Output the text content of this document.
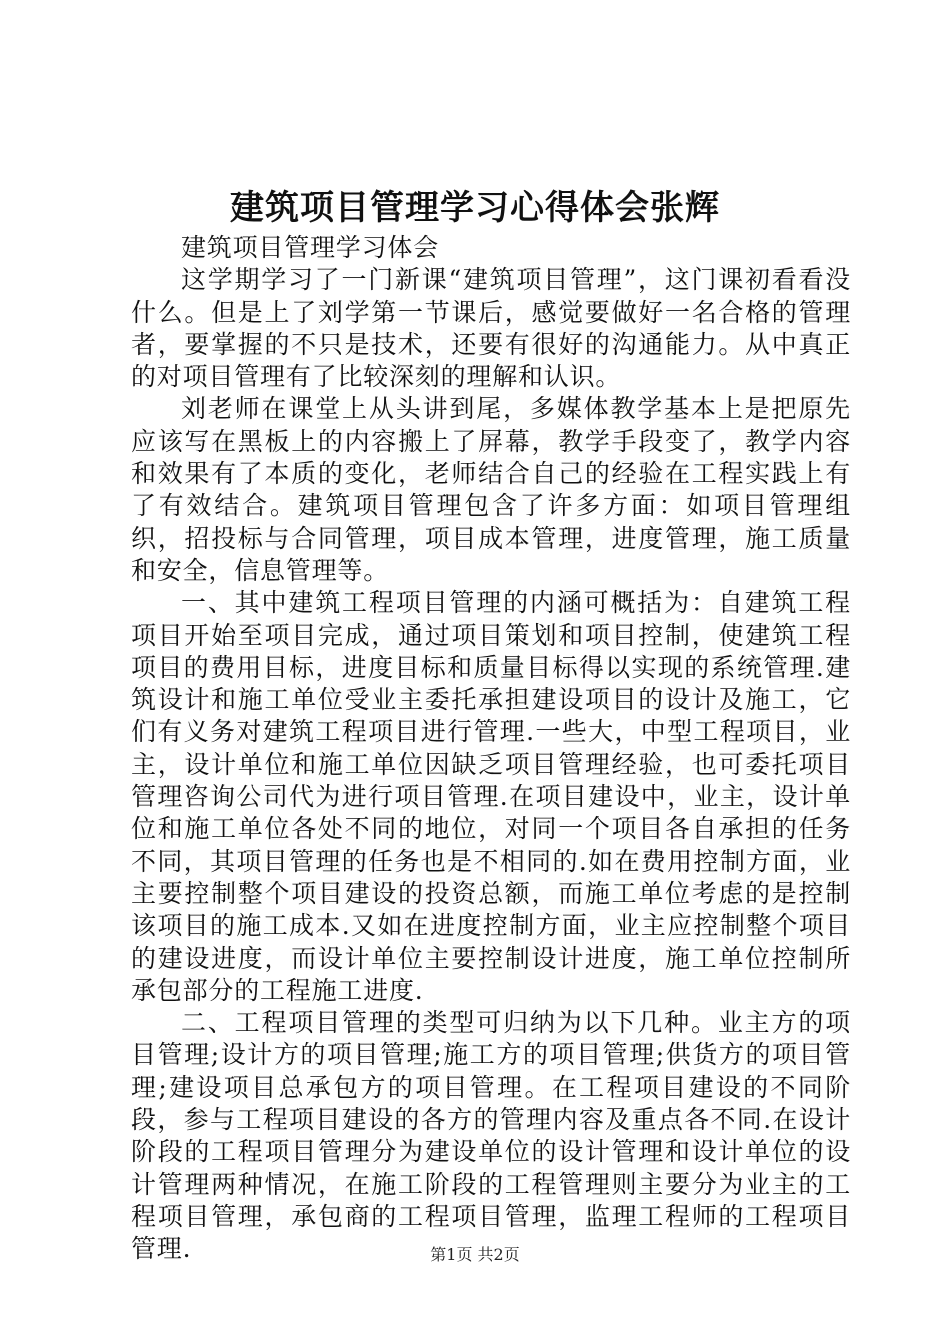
建筑项目管理学习心得体会张辉

建筑项目管理学习体会

这学期学习了一门新课“建筑项目管理”，这门课初看看没什么。但是上了刘学第一节课后，感觉要做好一名合格的管理者，要掌握的不只是技术，还要有很好的沟通能力。从中真正的对项目管理有了比较深刻的理解和认识。

刘老师在课堂上从头讲到尾，多媒体教学基本上是把原先应该写在黑板上的内容搬上了屏幕，教学手段变了，教学内容和效果有了本质的变化，老师结合自己的经验在工程实践上有了有效结合。建筑项目管理包含了许多方面：如项目管理组织，招投标与合同管理，项目成本管理，进度管理，施工质量和安全，信息管理等。

一、其中建筑工程项目管理的内涵可概括为：自建筑工程项目开始至项目完成，通过项目策划和项目控制，使建筑工程项目的费用目标，进度目标和质量目标得以实现的系统管理.建筑设计和施工单位受业主委托承担建设项目的设计及施工，它们有义务对建筑工程项目进行管理.一些大，中型工程项目，业主，设计单位和施工单位因缺乏项目管理经验，也可委托项目管理咨询公司代为进行项目管理.在项目建设中，业主，设计单位和施工单位各处不同的地位，对同一个项目各自承担的任务不同，其项目管理的任务也是不相同的.如在费用控制方面，业主要控制整个项目建设的投资总额，而施工单位考虑的是控制该项目的施工成本.又如在进度控制方面，业主应控制整个项目的建设进度，而设计单位主要控制设计进度，施工单位控制所承包部分的工程施工进度.

二、工程项目管理的类型可归纳为以下几种。业主方的项目管理;设计方的项目管理;施工方的项目管理;供货方的项目管理;建设项目总承包方的项目管理。在工程项目建设的不同阶段，参与工程项目建设的各方的管理内容及重点各不同.在设计阶段的工程项目管理分为建设单位的设计管理和设计单位的设计管理两种情况，在施工阶段的工程管理则主要分为业主的工程项目管理，承包商的工程项目管理，监理工程师的工程项目管理.	第1页 共2页
